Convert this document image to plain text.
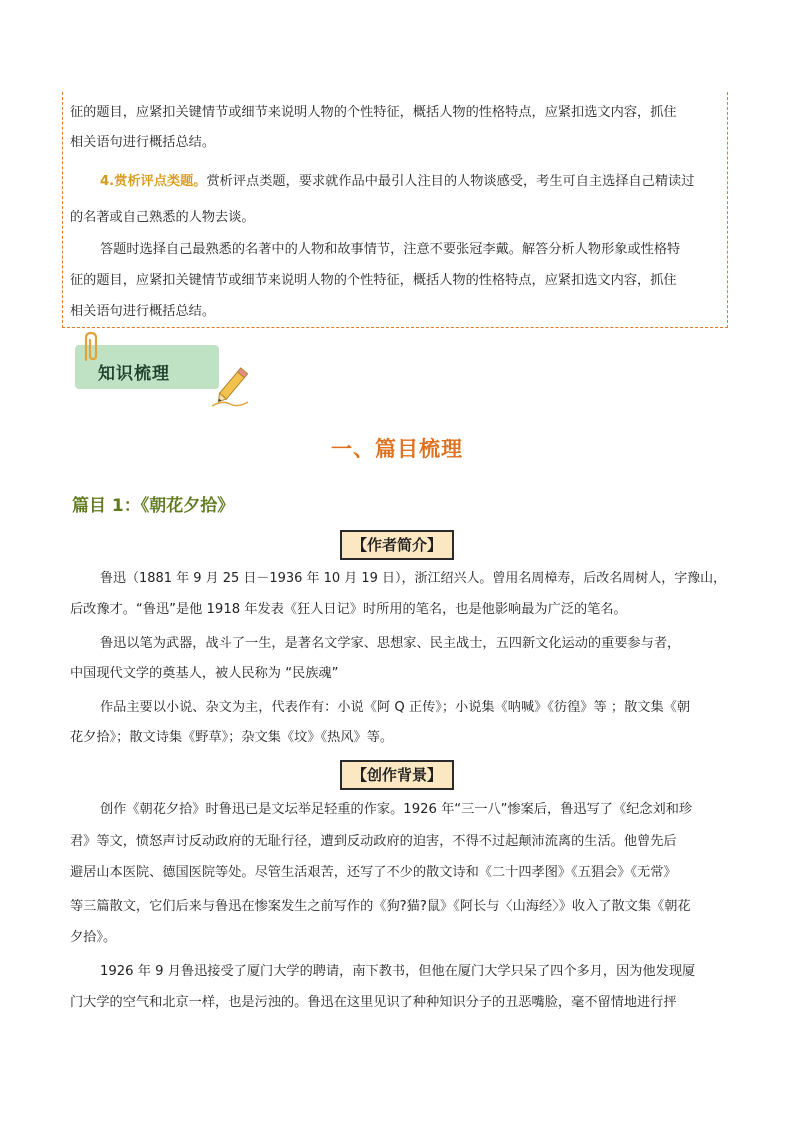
征的题目，应紧扣关键情节或细节来说明人物的个性特征，概括人物的性格特点，应紧扣选文内容，抓住
相关语句进行概括总结。
4.赏析评点类题。赏析评点类题，要求就作品中最引人注目的人物谈感受，考生可自主选择自己精读过
的名著或自己熟悉的人物去谈。
答题时选择自己最熟悉的名著中的人物和故事情节，注意不要张冠李戴。解答分析人物形象或性格特
征的题目，应紧扣关键情节或细节来说明人物的个性特征，概括人物的性格特点，应紧扣选文内容，抓住
相关语句进行概括总结。
知识梳理
一、篇目梳理
篇目 1：《朝花夕拾》
【作者简介】
鲁迅（1881 年 9 月 25 日－1936 年 10 月 19 日），浙江绍兴人。曾用名周樟寿，后改名周树人，字豫山，
后改豫才。“鲁迅”是他 1918 年发表《狂人日记》时所用的笔名，也是他影响最为广泛的笔名。
鲁迅以笔为武器，战斗了一生，是著名文学家、思想家、民主战士，五四新文化运动的重要参与者，
中国现代文学的奠基人，被人民称为 “民族魂”
作品主要以小说、杂文为主，代表作有：小说《阿 Q 正传》；小说集《呐喊》《彷徨》等 ；散文集《朝
花夕拾》；散文诗集《野草》；杂文集《坟》《热风》等。
【创作背景】
创作《朝花夕拾》时鲁迅已是文坛举足轻重的作家。1926 年“三一八”惨案后，鲁迅写了《纪念刘和珍
君》等文，愤怒声讨反动政府的无耻行径，遭到反动政府的迫害，不得不过起颠沛流离的生活。他曾先后
避居山本医院、德国医院等处。尽管生活艰苦，还写了不少的散文诗和《二十四孝图》《五猖会》《无常》
等三篇散文，它们后来与鲁迅在惨案发生之前写作的《狗?猫?鼠》《阿长与〈山海经〉》收入了散文集《朝花
夕拾》。
1926 年 9 月鲁迅接受了厦门大学的聘请，南下教书，但他在厦门大学只呆了四个多月，因为他发现厦
门大学的空气和北京一样，也是污浊的。鲁迅在这里见识了种种知识分子的丑恶嘴脸，毫不留情地进行抨
